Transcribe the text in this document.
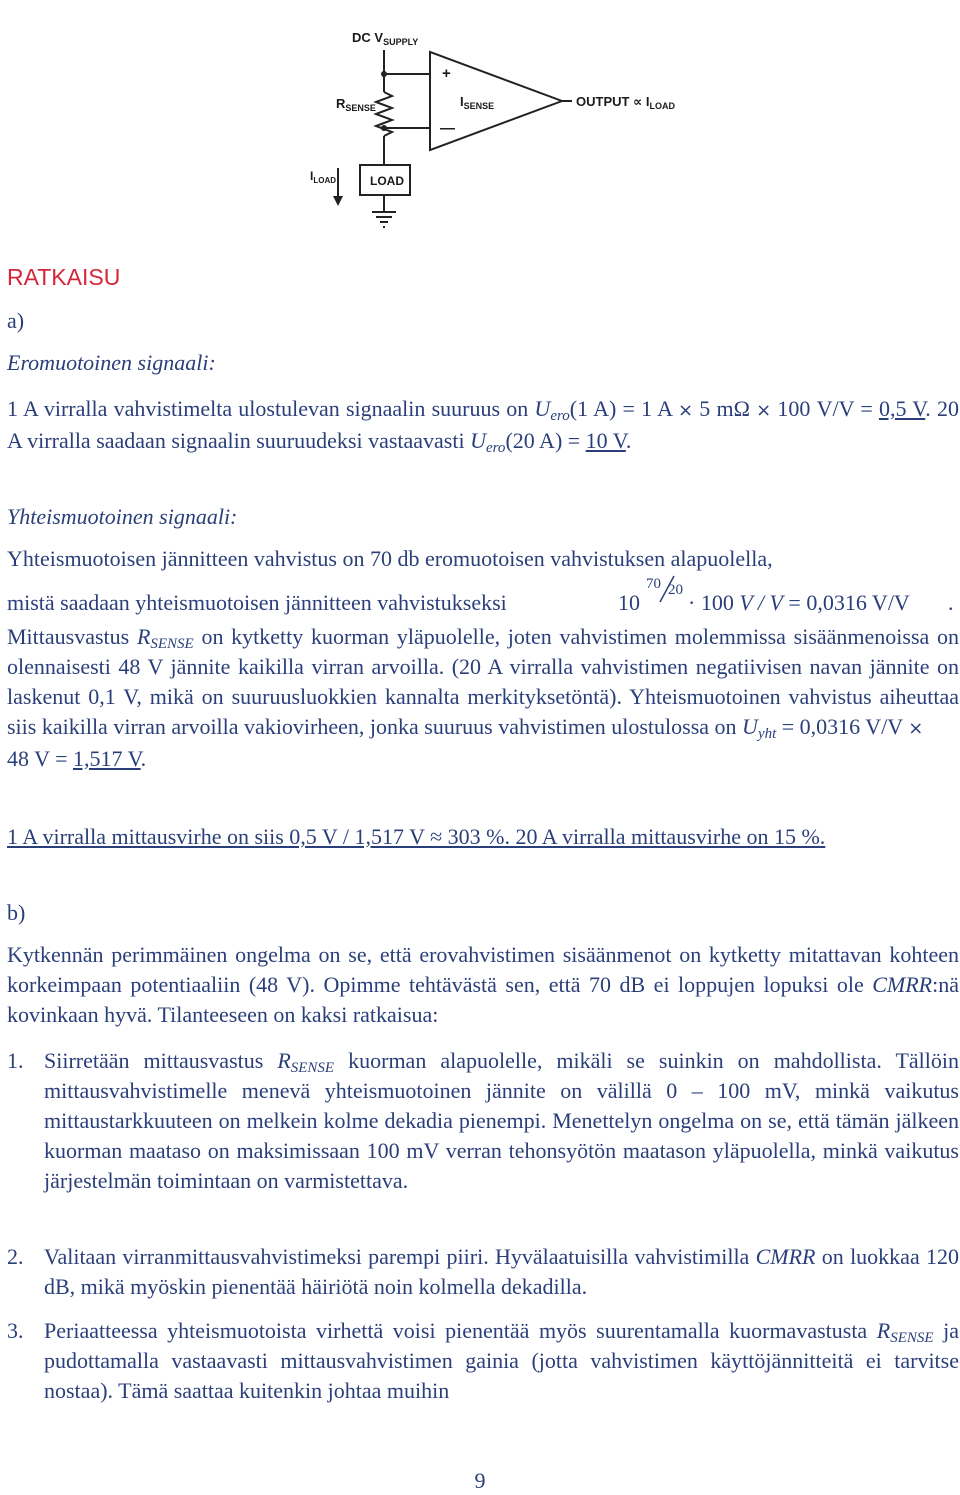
DC $V_{SUPPLY}$
$R_{SENSE}$
+
—
$I_{SENSE}$	OUTPUT ∝ $I_{LOAD}$
LOAD
$I_{LOAD}$

RATKAISU

a)

Eromuotoinen signaali:

1 A virralla vahvistimelta ulostulevan signaalin suuruus on $U_{ero}(1$ A) = 1 A × 5 mΩ × 100 V/V = 0,5 V. 20 A virralla saadaan signaalin suuruudeksi vastaavasti $U_{ero}(20$ A) = 10 V.

Yhteismuotoinen signaali:

Yhteismuotoisen jännitteen vahvistus on 70 db eromuotoisen vahvistuksen alapuolella,

mistä saadaan yhteismuotoisen jännitteen vahvistukseksi	10
70 20 · 100 V / V = 0,0316 V/V .

Mittausvastus $R_{SENSE}$ on kytketty kuorman yläpuolelle, joten vahvistimen molemmissa sisäänmenoissa on olennaisesti 48 V jännite kaikilla virran arvoilla. (20 A virralla vahvistimen negatiivisen navan jännite on laskenut 0,1 V, mikä on suuruusluokkien kannalta merkityksetöntä). Yhteismuotoinen vahvistus aiheuttaa siis kaikilla virran arvoilla vakiovirheen, jonka suuruus vahvistimen ulostulossa on $U_{yht} = 0,0316$ V/V ×
48 V = 1,517 V.

1 A virralla mittausvirhe on siis 0,5 V / 1,517 V ≈ 303 %. 20 A virralla mittausvirhe on 15 %.

b)

Kytkennän perimmäinen ongelma on se, että erovahvistimen sisäänmenot on kytketty mitattavan kohteen korkeimpaan potentiaaliin (48 V). Opimme tehtävästä sen, että 70 dB ei loppujen lopuksi ole CMRR:nä kovinkaan hyvä. Tilanteeseen on kaksi ratkaisua:

1. Siirretään mittausvastus $R_{SENSE}$ kuorman alapuolelle, mikäli se suinkin on mahdollista. Tällöin mittausvahvistimelle menevä yhteismuotoinen jännite on välillä 0 – 100 mV, minkä vaikutus mittaustarkkuuteen on melkein kolme dekadia pienempi. Menettelyn ongelma on se, että tämän jälkeen kuorman maataso on maksimissaan 100 mV verran tehonsyötön maatason yläpuolella, minkä vaikutus järjestelmän toimintaan on varmistettava.
2. Valitaan virranmittausvahvistimeksi parempi piiri. Hyvälaatuisilla vahvistimilla CMRR on luokkaa 120 dB, mikä myöskin pienentää häiriötä noin kolmella dekadilla.
3. Periaatteessa yhteismuotoista virhettä voisi pienentää myös suurentamalla kuormavastusta $R_{SENSE}$ ja pudottamalla vastaavasti mittausvahvistimen gainia (jotta vahvistimen käyttöjännitteitä ei tarvitse nostaa). Tämä saattaa kuitenkin johtaa muihin
9
